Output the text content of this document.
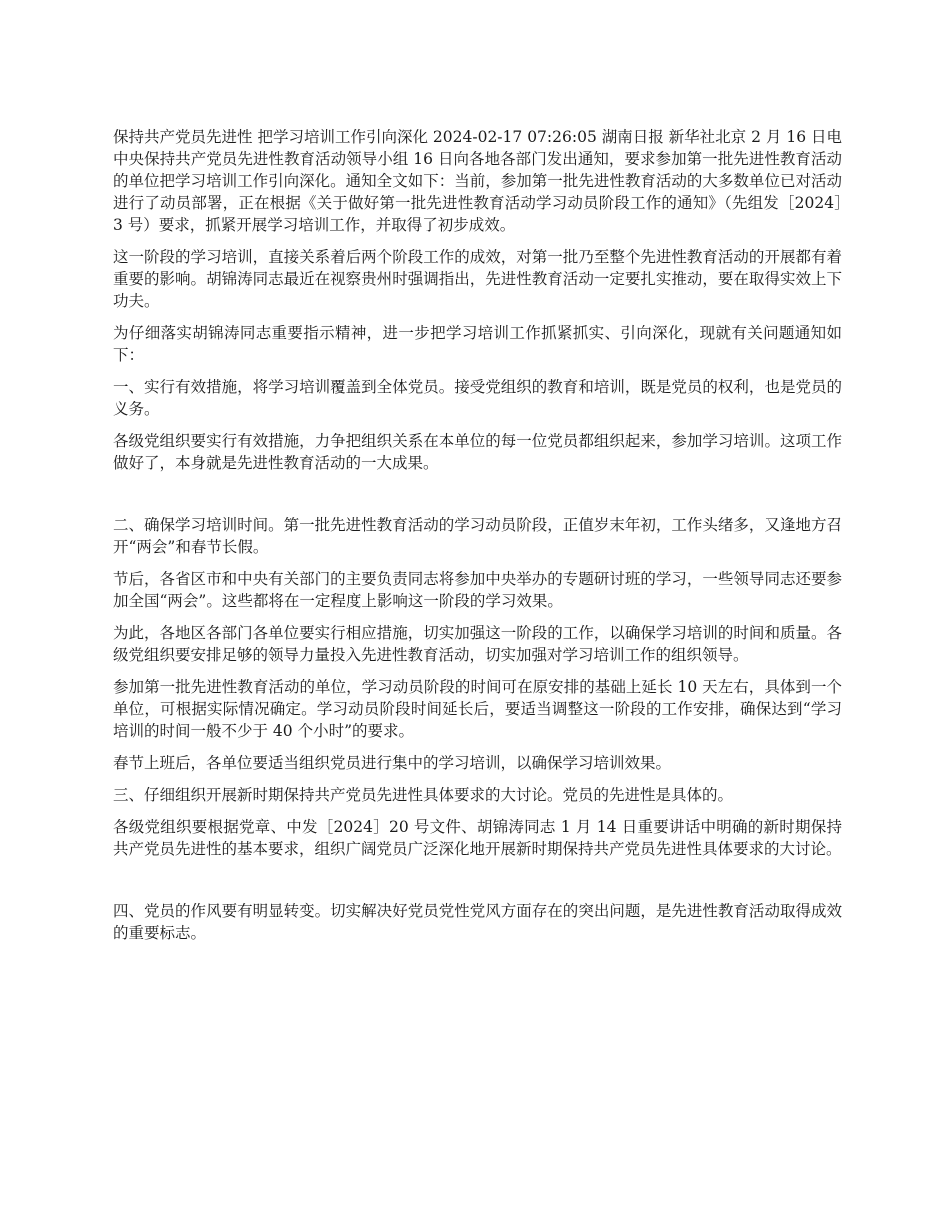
保持共产党员先进性 把学习培训工作引向深化 2024-02-17 07:26:05 湖南日报 新华社北京 2 月 16 日电 中央保持共产党员先进性教育活动领导小组 16 日向各地各部门发出通知，要求参加第一批先进性教育活动的单位把学习培训工作引向深化。通知全文如下：当前，参加第一批先进性教育活动的大多数单位已对活动进行了动员部署，正在根据《关于做好第一批先进性教育活动学习动员阶段工作的通知》（先组发［2024］3 号）要求，抓紧开展学习培训工作，并取得了初步成效。

这一阶段的学习培训，直接关系着后两个阶段工作的成效，对第一批乃至整个先进性教育活动的开展都有着重要的影响。胡锦涛同志最近在视察贵州时强调指出，先进性教育活动一定要扎实推动，要在取得实效上下功夫。

为仔细落实胡锦涛同志重要指示精神，进一步把学习培训工作抓紧抓实、引向深化，现就有关问题通知如下：

一、实行有效措施，将学习培训覆盖到全体党员。接受党组织的教育和培训，既是党员的权利，也是党员的义务。

各级党组织要实行有效措施，力争把组织关系在本单位的每一位党员都组织起来，参加学习培训。这项工作做好了，本身就是先进性教育活动的一大成果。

二、确保学习培训时间。第一批先进性教育活动的学习动员阶段，正值岁末年初，工作头绪多，又逢地方召开“两会”和春节长假。

节后，各省区市和中央有关部门的主要负责同志将参加中央举办的专题研讨班的学习，一些领导同志还要参加全国“两会”。这些都将在一定程度上影响这一阶段的学习效果。

为此，各地区各部门各单位要实行相应措施，切实加强这一阶段的工作，以确保学习培训的时间和质量。各级党组织要安排足够的领导力量投入先进性教育活动，切实加强对学习培训工作的组织领导。

参加第一批先进性教育活动的单位，学习动员阶段的时间可在原安排的基础上延长 10 天左右，具体到一个单位，可根据实际情况确定。学习动员阶段时间延长后，要适当调整这一阶段的工作安排，确保达到“学习培训的时间一般不少于 40 个小时”的要求。

春节上班后，各单位要适当组织党员进行集中的学习培训，以确保学习培训效果。

三、仔细组织开展新时期保持共产党员先进性具体要求的大讨论。党员的先进性是具体的。

各级党组织要根据党章、中发［2024］20 号文件、胡锦涛同志 1 月 14 日重要讲话中明确的新时期保持共产党员先进性的基本要求，组织广阔党员广泛深化地开展新时期保持共产党员先进性具体要求的大讨论。

四、党员的作风要有明显转变。切实解决好党员党性党风方面存在的突出问题，是先进性教育活动取得成效的重要标志。
